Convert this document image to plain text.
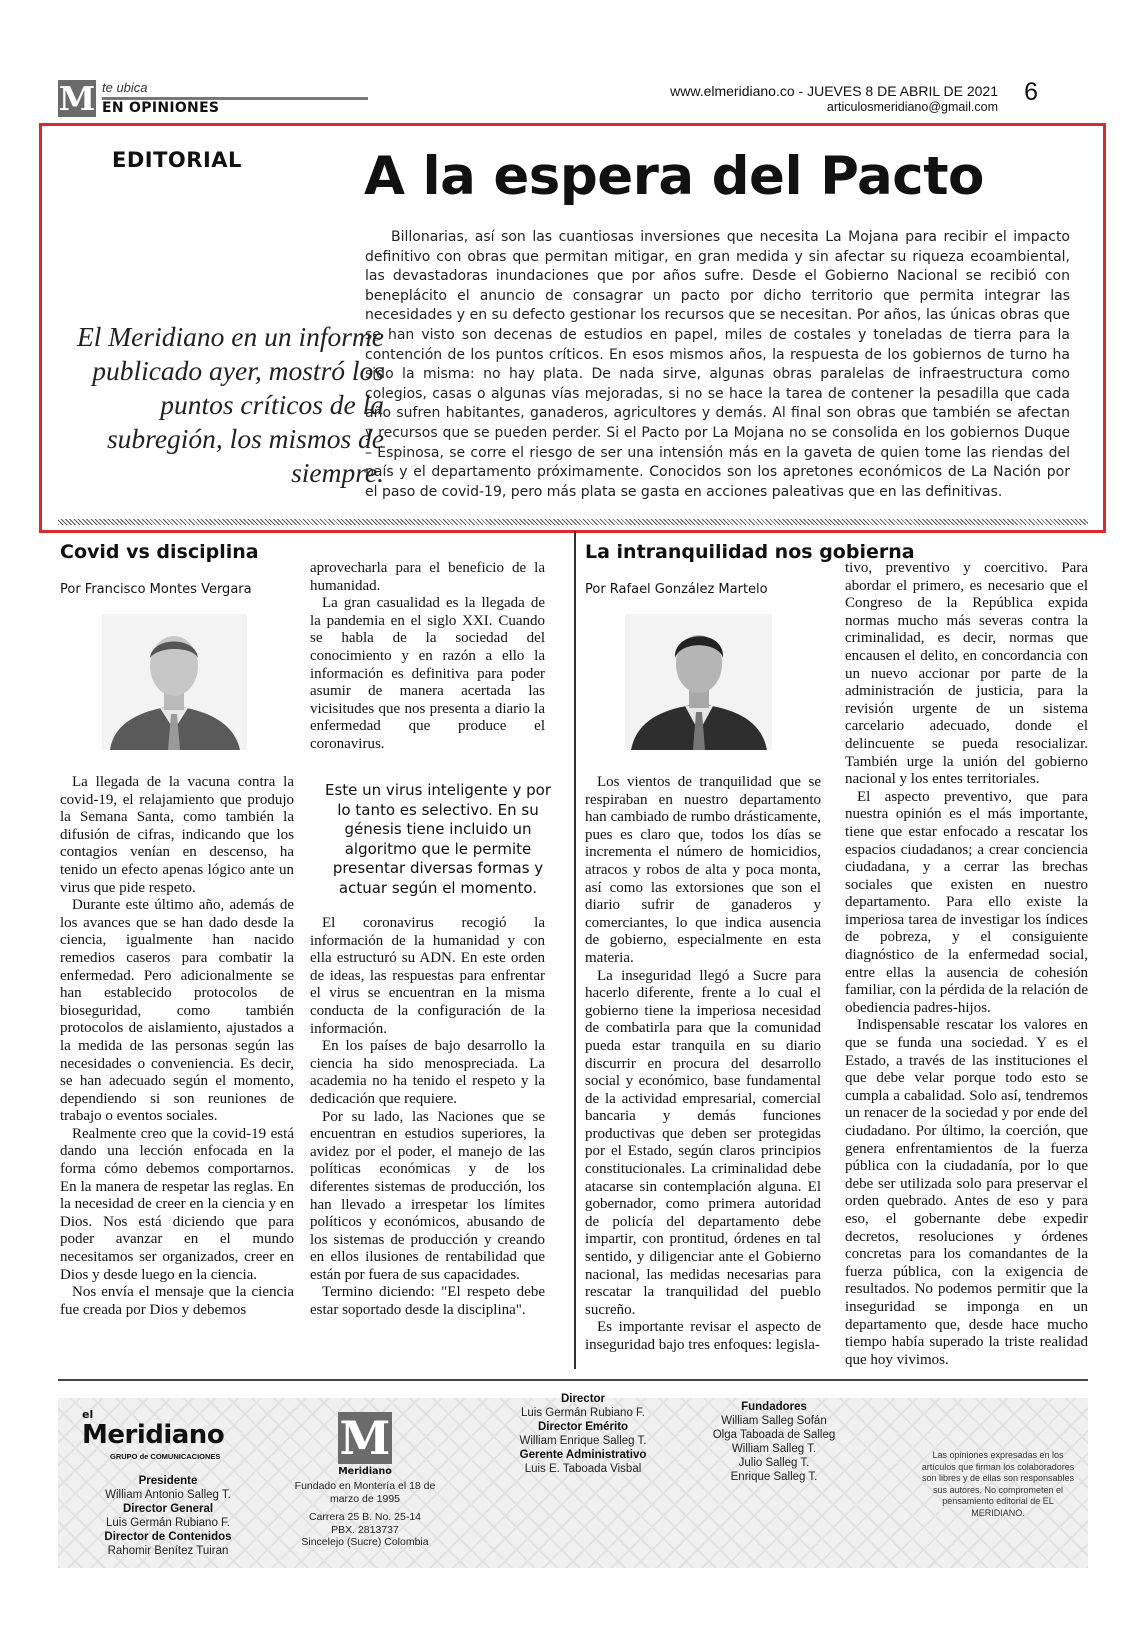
M te ubica
EN OPINIONES
www.elmeridiano.co - JUEVES 8 DE ABRIL DE 2021
articulosmeridiano@gmail.com
6
EDITORIAL A la espera del Pacto
El Meridiano en un informe publicado ayer, mostró los puntos críticos de la subregión, los mismos de siempre.
Billonarias, así son las cuantiosas inversiones que necesita La Mojana para recibir el impacto definitivo con obras que permitan mitigar, en gran medida y sin afectar su riqueza ecoambiental, las devastadoras inundaciones que por años sufre. Desde el Gobierno Nacional se recibió con beneplácito el anuncio de consagrar un pacto por dicho territorio que permita integrar las necesidades y en su defecto gestionar los recursos que se necesitan. Por años, las únicas obras que se han visto son decenas de estudios en papel, miles de costales y toneladas de tierra para la contención de los puntos críticos. En esos mismos años, la respuesta de los gobiernos de turno ha sido la misma: no hay plata. De nada sirve, algunas obras paralelas de infraestructura como colegios, casas o algunas vías mejoradas, si no se hace la tarea de contener la pesadilla que cada año sufren habitantes, ganaderos, agricultores y demás. Al final son obras que también se afectan y recursos que se pueden perder. Si el Pacto por La Mojana no se consolida en los gobiernos Duque – Espinosa, se corre el riesgo de ser una intensión más en la gaveta de quien tome las riendas del país y el departamento próximamente. Conocidos son los apretones económicos de La Nación por el paso de covid-19, pero más plata se gasta en acciones paleativas que en las definitivas.
Covid vs disciplina
Por Francisco Montes Vergara

La llegada de la vacuna contra la covid-19, el relajamiento que produjo la Semana Santa, como también la difusión de cifras, indicando que los contagios venían en descenso, ha tenido un efecto apenas lógico ante un virus que pide respeto.

Durante este último año, además de los avances que se han dado desde la ciencia, igualmente han nacido remedios caseros para combatir la enfermedad. Pero adicionalmente se han establecido protocolos de bioseguridad, como también protocolos de aislamiento, ajustados a la medida de las personas según las necesidades o conveniencia. Es decir, se han adecuado según el momento, dependiendo si son reuniones de trabajo o eventos sociales.

Realmente creo que la covid-19 está dando una lección enfocada en la forma cómo debemos comportarnos. En la manera de respetar las reglas. En la necesidad de creer en la ciencia y en Dios. Nos está diciendo que para poder avanzar en el mundo necesitamos ser organizados, creer en Dios y desde luego en la ciencia.

Nos envía el mensaje que la ciencia fue creada por Dios y debemos

aprovecharla para el beneficio de la humanidad.

La gran casualidad es la llegada de la pandemia en el siglo XXI. Cuando se habla de la sociedad del conocimiento y en razón a ello la información es definitiva para poder asumir de manera acertada las vicisitudes que nos presenta a diario la enfermedad que produce el coronavirus.

Este un virus inteligente y por lo tanto es selectivo. En su génesis tiene incluido un algoritmo que le permite presentar diversas formas y actuar según el momento.

El coronavirus recogió la información de la humanidad y con ella estructuró su ADN. En este orden de ideas, las respuestas para enfrentar el virus se encuentran en la misma conducta de la configuración de la información.

En los países de bajo desarrollo la ciencia ha sido menospreciada. La academia no ha tenido el respeto y la dedicación que requiere.

Por su lado, las Naciones que se encuentran en estudios superiores, la avidez por el poder, el manejo de las políticas económicas y de los diferentes sistemas de producción, los han llevado a irrespetar los límites políticos y económicos, abusando de los sistemas de producción y creando en ellos ilusiones de rentabilidad que están por fuera de sus capacidades.

Termino diciendo: "El respeto debe estar soportado desde la disciplina".

La intranquilidad nos gobierna
Por Rafael González Martelo

Los vientos de tranquilidad que se respiraban en nuestro departamento han cambiado de rumbo drásticamente, pues es claro que, todos los días se incrementa el número de homicidios, atracos y robos de alta y poca monta, así como las extorsiones que son el diario sufrir de ganaderos y comerciantes, lo que indica ausencia de gobierno, especialmente en esta materia.

La inseguridad llegó a Sucre para hacerlo diferente, frente a lo cual el gobierno tiene la imperiosa necesidad de combatirla para que la comunidad pueda estar tranquila en su diario discurrir en procura del desarrollo social y económico, base fundamental de la actividad empresarial, comercial bancaria y demás funciones productivas que deben ser protegidas por el Estado, según claros principios constitucionales. La criminalidad debe atacarse sin contemplación alguna. El gobernador, como primera autoridad de policía del departamento debe impartir, con prontitud, órdenes en tal sentido, y diligenciar ante el Gobierno nacional, las medidas necesarias para rescatar la tranquilidad del pueblo sucreño.

Es importante revisar el aspecto de inseguridad bajo tres enfoques: legisla-

tivo, preventivo y coercitivo. Para abordar el primero, es necesario que el Congreso de la República expida normas mucho más severas contra la criminalidad, es decir, normas que encausen el delito, en concordancia con un nuevo accionar por parte de la administración de justicia, para la revisión urgente de un sistema carcelario adecuado, donde el delincuente se pueda resocializar. También urge la unión del gobierno nacional y los entes territoriales.

El aspecto preventivo, que para nuestra opinión es el más importante, tiene que estar enfocado a rescatar los espacios ciudadanos; a crear conciencia ciudadana, y a cerrar las brechas sociales que existen en nuestro departamento. Para ello existe la imperiosa tarea de investigar los índices de pobreza, y el consiguiente diagnóstico de la enfermedad social, entre ellas la ausencia de cohesión familiar, con la pérdida de la relación de obediencia padres-hijos.

Indispensable rescatar los valores en que se funda una sociedad. Y es el Estado, a través de las instituciones el que debe velar porque todo esto se cumpla a cabalidad. Solo así, tendremos un renacer de la sociedad y por ende del ciudadano. Por último, la coerción, que genera enfrentamientos de la fuerza pública con la ciudadanía, por lo que debe ser utilizada solo para preservar el orden quebrado. Antes de eso y para eso, el gobernante debe expedir decretos, resoluciones y órdenes concretas para los comandantes de la fuerza pública, con la exigencia de resultados. No podemos permitir que la inseguridad se imponga en un departamento que, desde hace mucho tiempo había superado la triste realidad que hoy vivimos.

el
Meridiano
GRUPO de COMUNICACIONES
Presidente
William Antonio Salleg T.
Director General
Luis Germán Rubiano F.
Director de Contenidos
Rahomir Benítez Tuiran
M
Meridiano
Fundado en Montería el 18 de marzo de 1995
Carrera 25 B. No. 25-14
PBX. 2813737
Sincelejo (Sucre) Colombia
Director
Luis Germán Rubiano F.
Director Emérito
William Enrique Salleg T.
Gerente Administrativo
Luis E. Taboada Visbal
Fundadores
William Salleg Sofán
Olga Taboada de Salleg
William Salleg T.
Julio Salleg T.
Enrique Salleg T.
Las opiniones expresadas en los artículos que firman los colaboradores son libres y de ellas son responsables sus autores. No comprometen el pensamiento editorial de EL MERIDIANO.
